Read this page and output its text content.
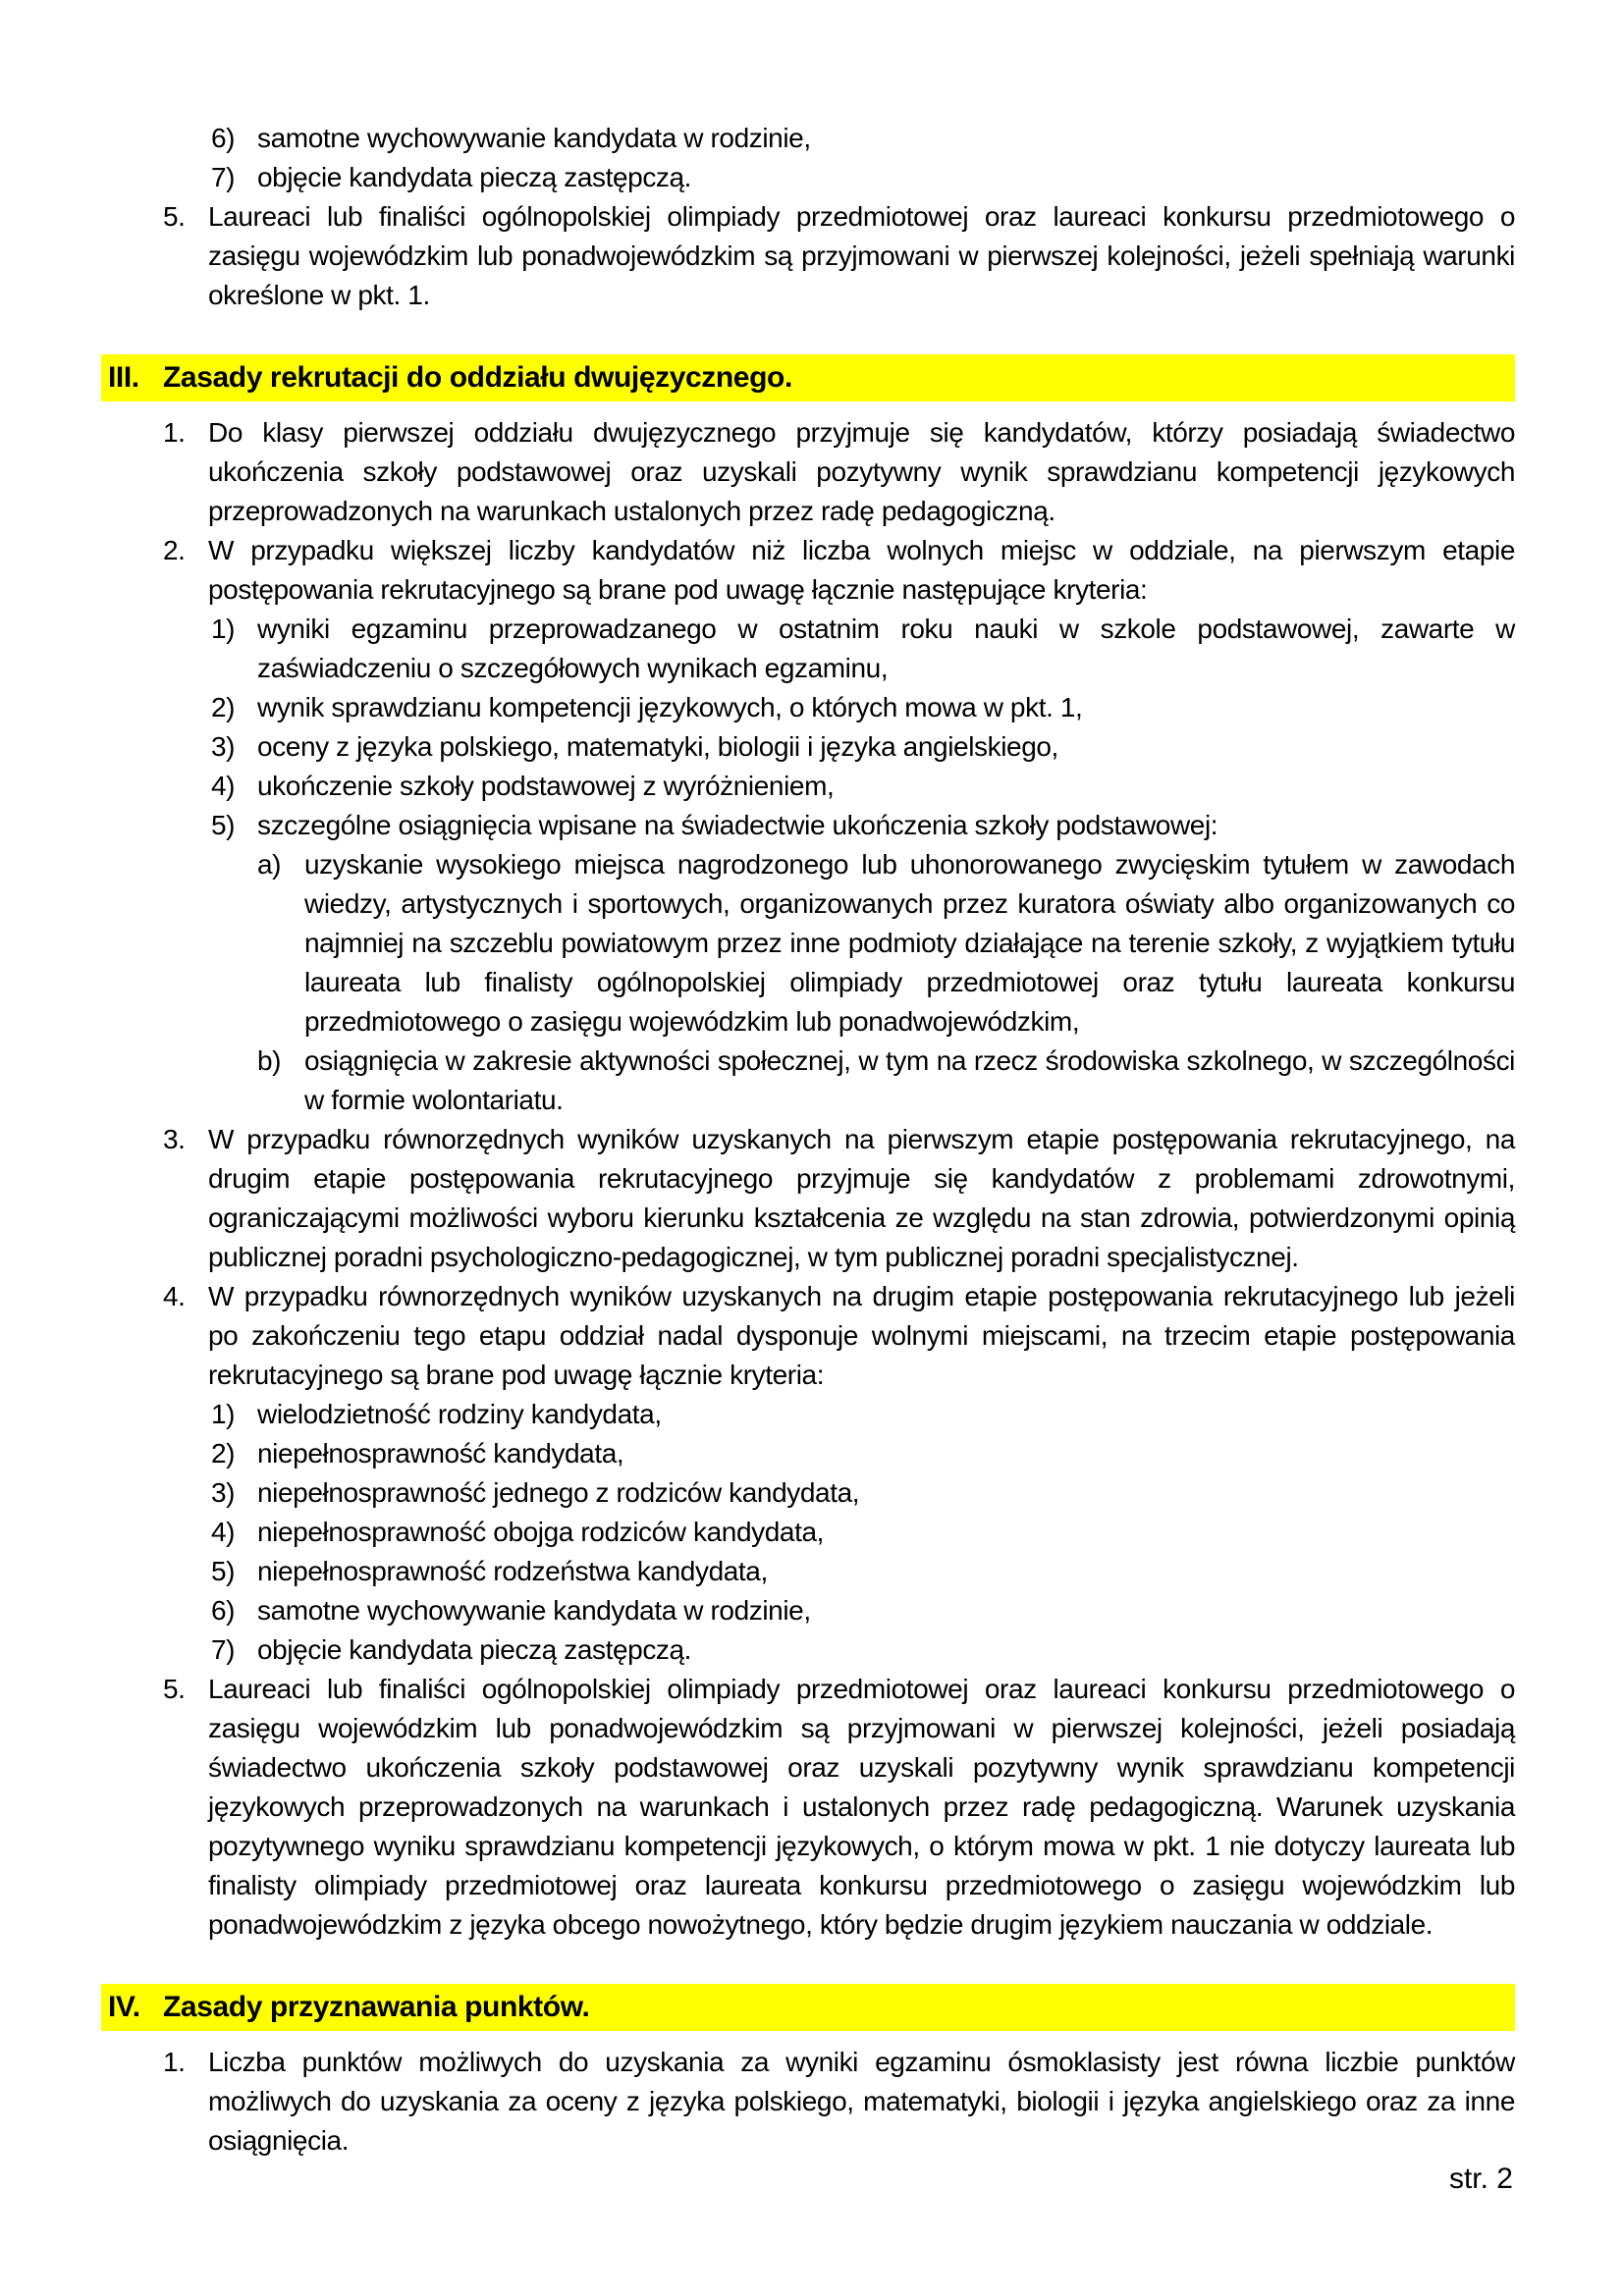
6) samotne wychowywanie kandydata w rodzinie,
7) objęcie kandydata pieczą zastępczą.
5. Laureaci lub finaliści ogólnopolskiej olimpiady przedmiotowej oraz laureaci konkursu przedmiotowego o zasięgu wojewódzkim lub ponadwojewódzkim są przyjmowani w pierwszej kolejności, jeżeli spełniają warunki określone w pkt. 1.
III. Zasady rekrutacji do oddziału dwujęzycznego.
1. Do klasy pierwszej oddziału dwujęzycznego przyjmuje się kandydatów, którzy posiadają świadectwo ukończenia szkoły podstawowej oraz uzyskali pozytywny wynik sprawdzianu kompetencji językowych przeprowadzonych na warunkach ustalonych przez radę pedagogiczną.
2. W przypadku większej liczby kandydatów niż liczba wolnych miejsc w oddziale, na pierwszym etapie postępowania rekrutacyjnego są brane pod uwagę łącznie następujące kryteria:
1) wyniki egzaminu przeprowadzanego w ostatnim roku nauki w szkole podstawowej, zawarte w zaświadczeniu o szczegółowych wynikach egzaminu,
2) wynik sprawdzianu kompetencji językowych, o których mowa w pkt. 1,
3) oceny z języka polskiego, matematyki, biologii i języka angielskiego,
4) ukończenie szkoły podstawowej z wyróżnieniem,
5) szczególne osiągnięcia wpisane na świadectwie ukończenia szkoły podstawowej:
a) uzyskanie wysokiego miejsca nagrodzonego lub uhonorowanego zwycięskim tytułem w zawodach wiedzy, artystycznych i sportowych, organizowanych przez kuratora oświaty albo organizowanych co najmniej na szczeblu powiatowym przez inne podmioty działające na terenie szkoły, z wyjątkiem tytułu laureata lub finalisty ogólnopolskiej olimpiady przedmiotowej oraz tytułu laureata konkursu przedmiotowego o zasięgu wojewódzkim lub ponadwojewódzkim,
b) osiągnięcia w zakresie aktywności społecznej, w tym na rzecz środowiska szkolnego, w szczególności w formie wolontariatu.
3. W przypadku równorzędnych wyników uzyskanych na pierwszym etapie postępowania rekrutacyjnego, na drugim etapie postępowania rekrutacyjnego przyjmuje się kandydatów z problemami zdrowotnymi, ograniczającymi możliwości wyboru kierunku kształcenia ze względu na stan zdrowia, potwierdzonymi opinią publicznej poradni psychologiczno-pedagogicznej, w tym publicznej poradni specjalistycznej.
4. W przypadku równorzędnych wyników uzyskanych na drugim etapie postępowania rekrutacyjnego lub jeżeli po zakończeniu tego etapu oddział nadal dysponuje wolnymi miejscami, na trzecim etapie postępowania rekrutacyjnego są brane pod uwagę łącznie kryteria:
1) wielodzietność rodziny kandydata,
2) niepełnosprawność kandydata,
3) niepełnosprawność jednego z rodziców kandydata,
4) niepełnosprawność obojga rodziców kandydata,
5) niepełnosprawność rodzeństwa kandydata,
6) samotne wychowywanie kandydata w rodzinie,
7) objęcie kandydata pieczą zastępczą.
5. Laureaci lub finaliści ogólnopolskiej olimpiady przedmiotowej oraz laureaci konkursu przedmiotowego o zasięgu wojewódzkim lub ponadwojewódzkim są przyjmowani w pierwszej kolejności, jeżeli posiadają świadectwo ukończenia szkoły podstawowej oraz uzyskali pozytywny wynik sprawdzianu kompetencji językowych przeprowadzonych na warunkach i ustalonych przez radę pedagogiczną. Warunek uzyskania pozytywnego wyniku sprawdzianu kompetencji językowych, o którym mowa w pkt. 1 nie dotyczy laureata lub finalisty olimpiady przedmiotowej oraz laureata konkursu przedmiotowego o zasięgu wojewódzkim lub ponadwojewódzkim z języka obcego nowożytnego, który będzie drugim językiem nauczania w oddziale.
IV. Zasady przyznawania punktów.
1. Liczba punktów możliwych do uzyskania za wyniki egzaminu ósmoklasisty jest równa liczbie punktów możliwych do uzyskania za oceny z języka polskiego, matematyki, biologii i języka angielskiego oraz za inne osiągnięcia.
str. 2
